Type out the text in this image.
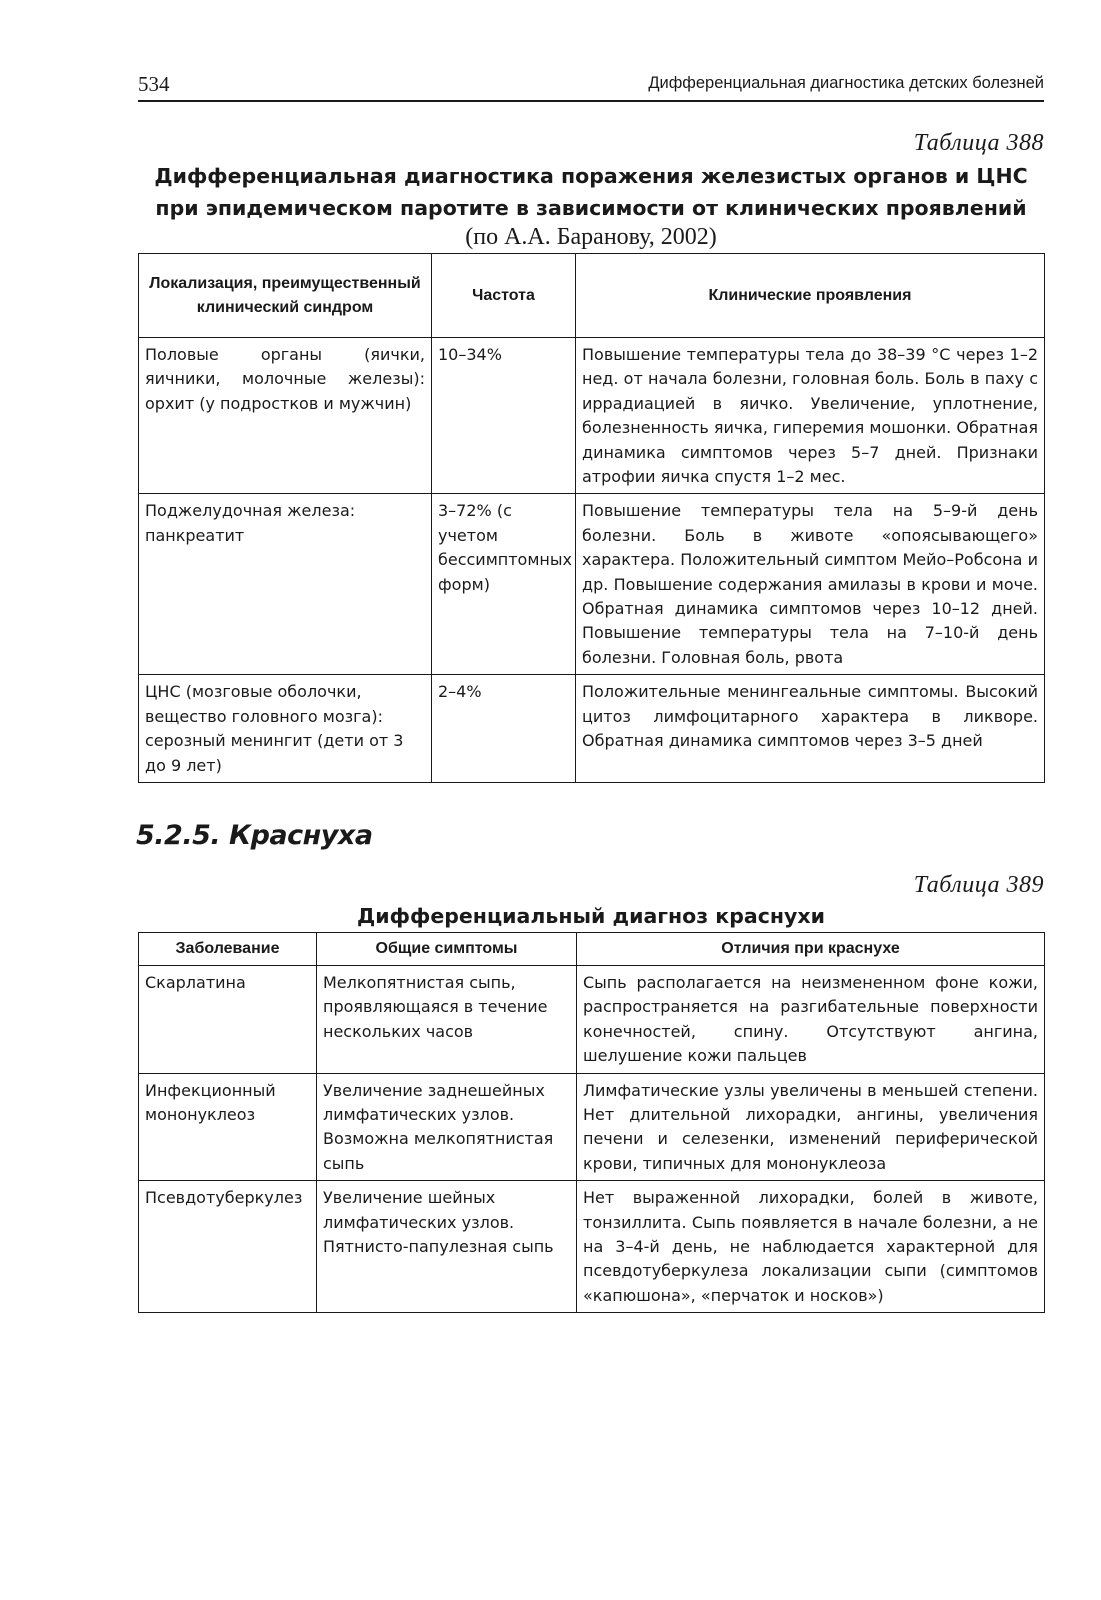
534	Дифференциальная диагностика детских болезней
Таблица 388
Дифференциальная диагностика поражения железистых органов и ЦНС
при эпидемическом паротите в зависимости от клинических проявлений
(по А.А. Баранову, 2002)
Локализация, преимущественный клинический синдром	Частота	Клинические проявления
Половые органы (яички, яичники, молочные железы): орхит (у подростков и мужчин)	10–34%	Повышение температуры тела до 38–39 °С через 1–2 нед. от начала болезни, головная боль. Боль в паху с иррадиацией в яичко. Увеличение, уплотнение, болезненность яичка, гиперемия мошонки. Обратная динамика симптомов через 5–7 дней. Признаки атрофии яичка спустя 1–2 мес.
Поджелудочная железа: панкреатит	3–72% (с учетом бессимптомных форм)	Повышение температуры тела на 5–9-й день болезни. Боль в животе «опоясывающего» характера. Положительный симптом Мейо–Робсона и др. Повышение содержания амилазы в крови и моче. Обратная динамика симптомов через 10–12 дней. Повышение температуры тела на 7–10-й день болезни. Головная боль, рвота
ЦНС (мозговые оболочки, вещество головного мозга): серозный менингит (дети от 3 до 9 лет)	2–4%	Положительные менингеальные симптомы. Высокий цитоз лимфоцитарного характера в ликворе. Обратная динамика симптомов через 3–5 дней
5.2.5. Краснуха
Таблица 389
Дифференциальный диагноз краснухи
Заболевание	Общие симптомы	Отличия при краснухе
Скарлатина	Мелкопятнистая сыпь, проявляющаяся в течение нескольких часов	Сыпь располагается на неизмененном фоне кожи, распространяется на разгибательные поверхности конечностей, спину. Отсутствуют ангина, шелушение кожи пальцев
Инфекционный мононуклеоз	Увеличение заднешейных лимфатических узлов. Возможна мелкопятнистая сыпь	Лимфатические узлы увеличены в меньшей степени. Нет длительной лихорадки, ангины, увеличения печени и селезенки, изменений периферической крови, типичных для мононуклеоза
Псевдотуберкулез	Увеличение шейных лимфатических узлов. Пятнисто-папулезная сыпь	Нет выраженной лихорадки, болей в животе, тонзиллита. Сыпь появляется в начале болезни, а не на 3–4-й день, не наблюдается характерной для псевдотуберкулеза локализации сыпи (симптомов «капюшона», «перчаток и носков»)
